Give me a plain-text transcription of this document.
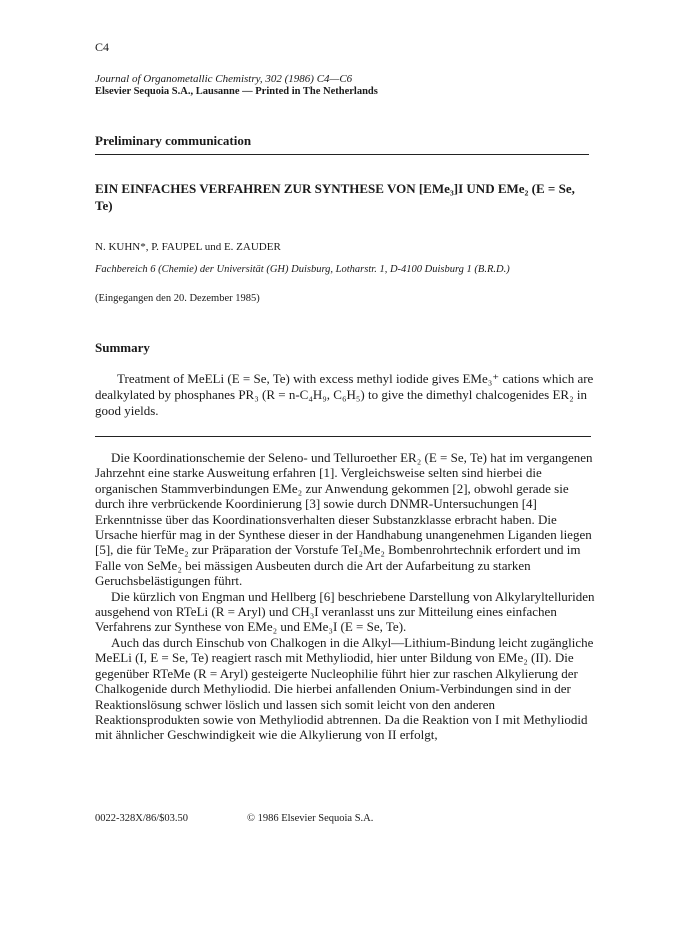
C4
Journal of Organometallic Chemistry, 302 (1986) C4—C6
Elsevier Sequoia S.A., Lausanne — Printed in The Netherlands
Preliminary communication
EIN EINFACHES VERFAHREN ZUR SYNTHESE VON [EMe₃]I UND EMe₂ (E = Se, Te)
N. KUHN*, P. FAUPEL und E. ZAUDER
Fachbereich 6 (Chemie) der Universität (GH) Duisburg, Lotharstr. 1, D-4100 Duisburg 1 (B.R.D.)
(Eingegangen den 20. Dezember 1985)
Summary

Treatment of MeELi (E = Se, Te) with excess methyl iodide gives EMe₃⁺ cations which are dealkylated by phosphanes PR₃ (R = n-C₄H₉, C₆H₅) to give the dimethyl chalcogenides ER₂ in good yields.

Die Koordinationschemie der Seleno- und Telluroether ER₂ (E = Se, Te) hat im vergangenen Jahrzehnt eine starke Ausweitung erfahren [1]. Vergleichsweise selten sind hierbei die organischen Stammverbindungen EMe₂ zur Anwendung gekommen [2], obwohl gerade sie durch ihre verbrückende Koordinierung [3] sowie durch DNMR-Untersuchungen [4] Erkenntnisse über das Koordinationsverhalten dieser Substanzklasse erbracht haben. Die Ursache hierfür mag in der Synthese dieser in der Handhabung unangenehmen Liganden liegen [5], die für TeMe₂ zur Präparation der Vorstufe TeI₂Me₂ Bombenrohrtechnik erfordert und im Falle von SeMe₂ bei mässigen Ausbeuten durch die Art der Aufarbeitung zu starken Geruchsbelästigungen führt.

Die kürzlich von Engman und Hellberg [6] beschriebene Darstellung von Alkylaryltelluriden ausgehend von RTeLi (R = Aryl) und CH₃I veranlasst uns zur Mitteilung eines einfachen Verfahrens zur Synthese von EMe₂ und EMe₃I (E = Se, Te).

Auch das durch Einschub von Chalkogen in die Alkyl—Lithium-Bindung leicht zugängliche MeELi (I, E = Se, Te) reagiert rasch mit Methyliodid, hier unter Bildung von EMe₂ (II). Die gegenüber RTeMe (R = Aryl) gesteigerte Nucleophilie führt hier zur raschen Alkylierung der Chalkogenide durch Methyliodid. Die hierbei anfallenden Onium-Verbindungen sind in der Reaktionslösung schwer löslich und lassen sich somit leicht von den anderen Reaktionsprodukten sowie von Methyliodid abtrennen. Da die Reaktion von I mit Methyliodid mit ähnlicher Geschwindigkeit wie die Alkylierung von II erfolgt,

0022-328X/86/$03.50	© 1986 Elsevier Sequoia S.A.
